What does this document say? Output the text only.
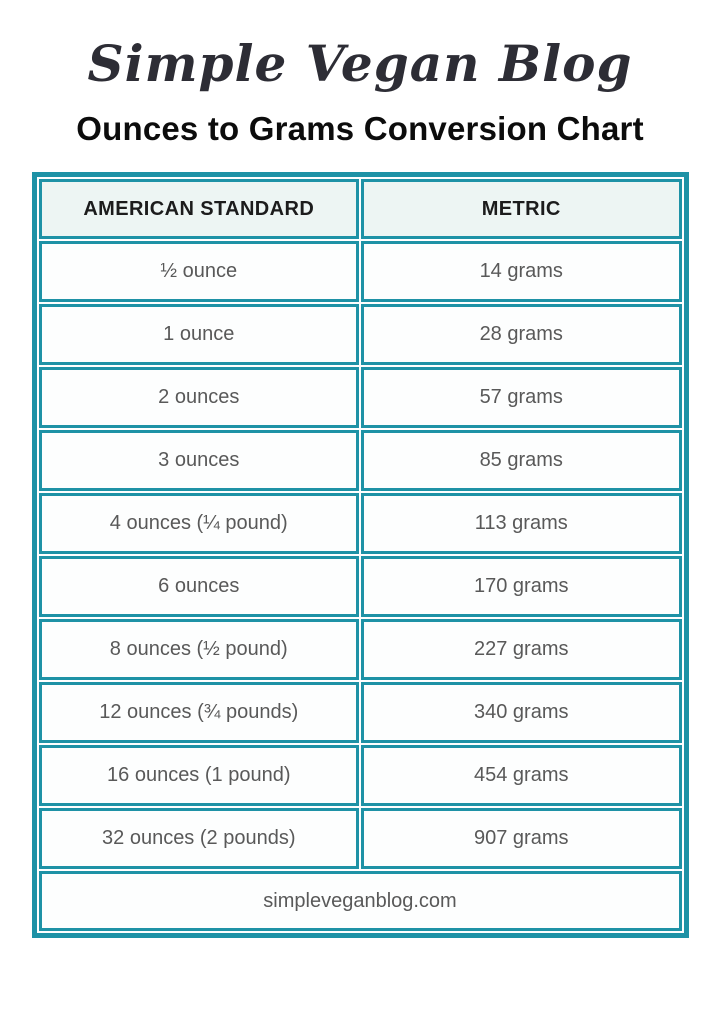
Simple Vegan Blog
Ounces to Grams Conversion Chart
AMERICAN STANDARD	METRIC
½ ounce	14 grams
1 ounce	28 grams
2 ounces	57 grams
3 ounces	85 grams
4 ounces (¼ pound)	113 grams
6 ounces	170 grams
8 ounces (½ pound)	227 grams
12 ounces (¾ pounds)	340 grams
16 ounces (1 pound)	454 grams
32 ounces (2 pounds)	907 grams
simpleveganblog.com	
